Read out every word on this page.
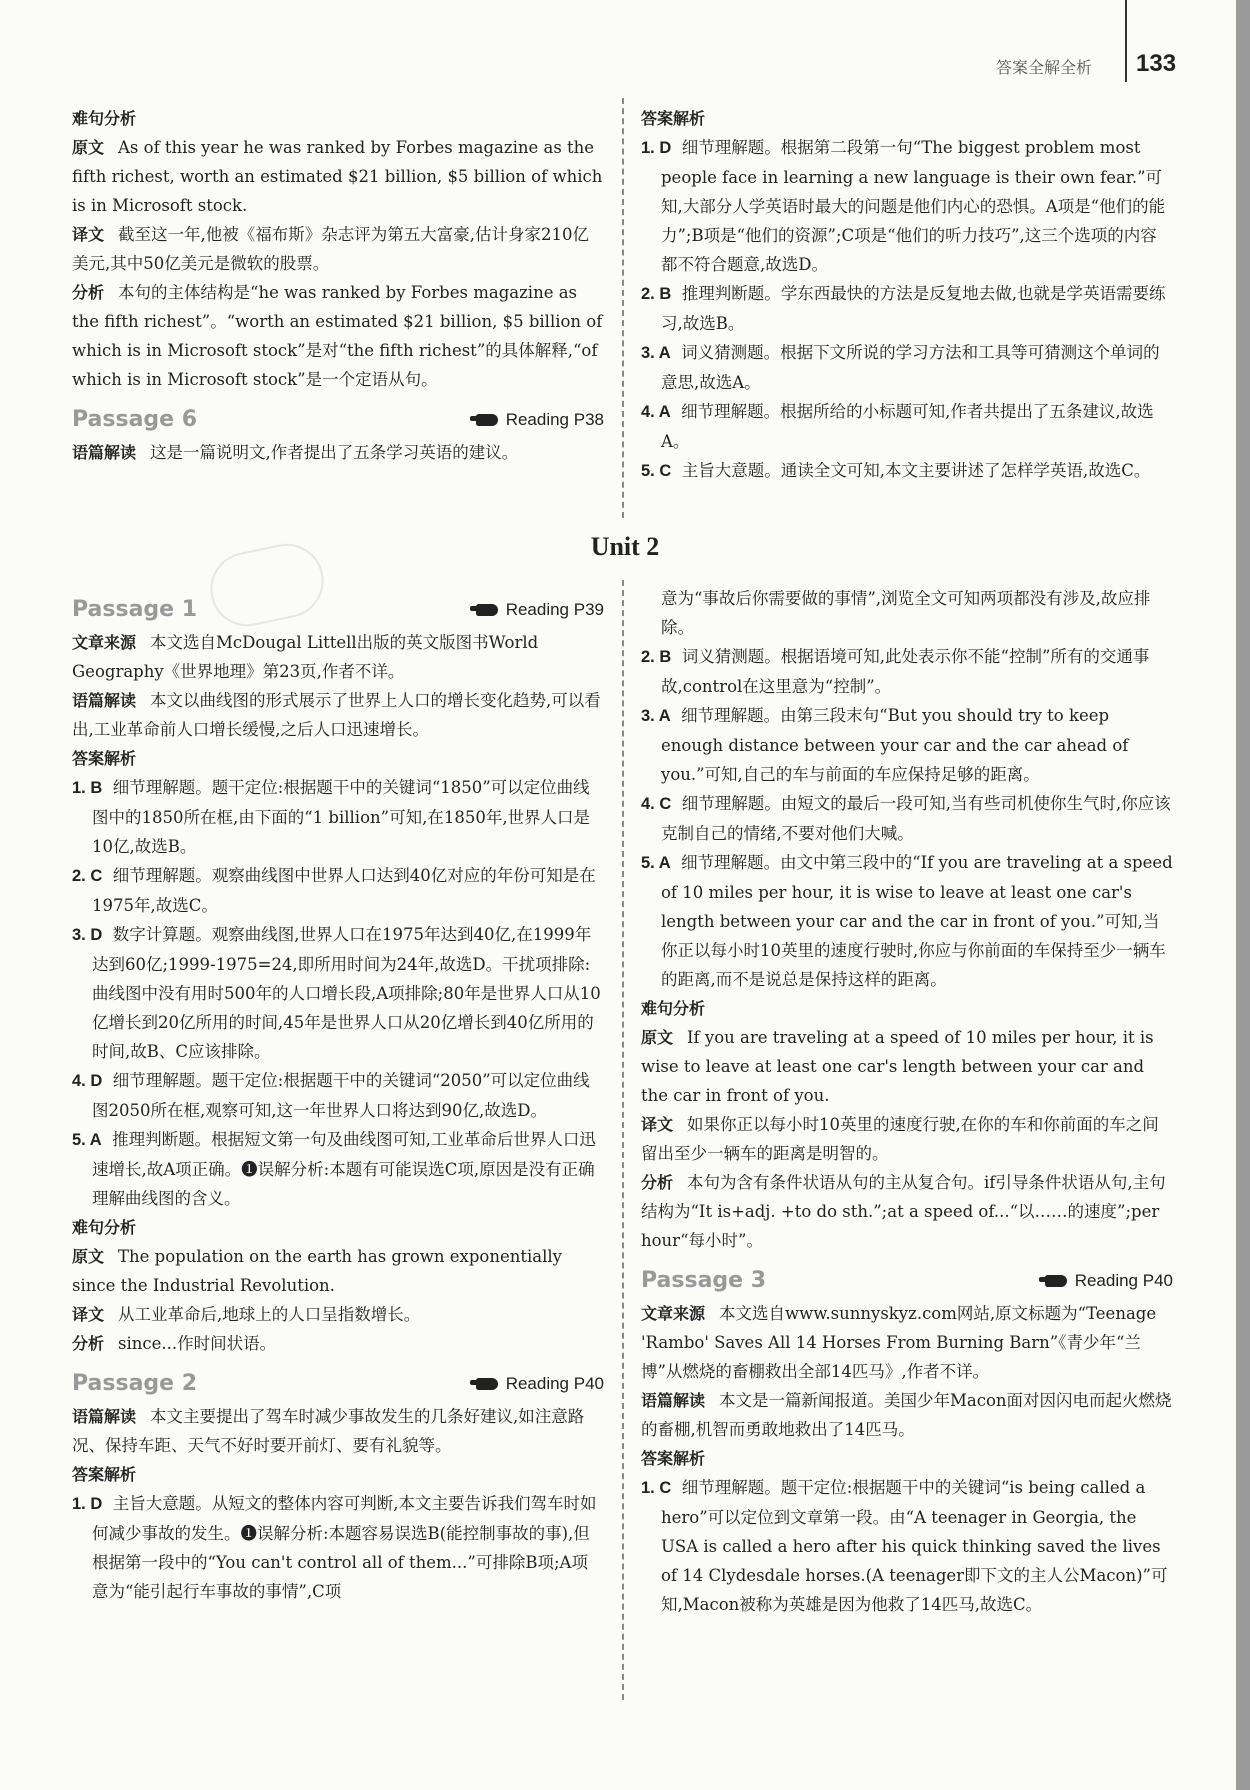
答案全解全析 133

难句分析

原文 As of this year he was ranked by Forbes magazine as the fifth richest, worth an estimated $21 billion, $5 billion of which is in Microsoft stock.

译文 截至这一年,他被《福布斯》杂志评为第五大富豪,估计身家210亿美元,其中50亿美元是微软的股票。

分析 本句的主体结构是“he was ranked by Forbes magazine as the fifth richest”。“worth an estimated $21 billion, $5 billion of which is in Microsoft stock”是对“the fifth richest”的具体解释,“of which is in Microsoft stock”是一个定语从句。

Passage 6	Reading P38

语篇解读 这是一篇说明文,作者提出了五条学习英语的建议。

答案解析

1. D 细节理解题。根据第二段第一句“The biggest problem most people face in learning a new language is their own fear.”可知,大部分人学英语时最大的问题是他们内心的恐惧。A项是“他们的能力”;B项是“他们的资源”;C项是“他们的听力技巧”,这三个选项的内容都不符合题意,故选D。

2. B 推理判断题。学东西最快的方法是反复地去做,也就是学英语需要练习,故选B。

3. A 词义猜测题。根据下文所说的学习方法和工具等可猜测这个单词的意思,故选A。

4. A 细节理解题。根据所给的小标题可知,作者共提出了五条建议,故选A。

5. C 主旨大意题。通读全文可知,本文主要讲述了怎样学英语,故选C。

Unit 2
Passage 1	Reading P39

文章来源 本文选自McDougal Littell出版的英文版图书World Geography《世界地理》第23页,作者不详。

语篇解读 本文以曲线图的形式展示了世界上人口的增长变化趋势,可以看出,工业革命前人口增长缓慢,之后人口迅速增长。

答案解析

1. B 细节理解题。题干定位:根据题干中的关键词“1850”可以定位曲线图中的1850所在框,由下面的“1 billion”可知,在1850年,世界人口是10亿,故选B。

2. C 细节理解题。观察曲线图中世界人口达到40亿对应的年份可知是在1975年,故选C。

3. D 数字计算题。观察曲线图,世界人口在1975年达到40亿,在1999年达到60亿;1999-1975=24,即所用时间为24年,故选D。干扰项排除:曲线图中没有用时500年的人口增长段,A项排除;80年是世界人口从10亿增长到20亿所用的时间,45年是世界人口从20亿增长到40亿所用的时间,故B、C应该排除。

4. D 细节理解题。题干定位:根据题干中的关键词“2050”可以定位曲线图2050所在框,观察可知,这一年世界人口将达到90亿,故选D。

5. A 推理判断题。根据短文第一句及曲线图可知,工业革命后世界人口迅速增长,故A项正确。❶误解分析:本题有可能误选C项,原因是没有正确理解曲线图的含义。

难句分析

原文 The population on the earth has grown exponentially since the Industrial Revolution.

译文 从工业革命后,地球上的人口呈指数增长。

分析 since...作时间状语。

Passage 2	Reading P40

语篇解读 本文主要提出了驾车时减少事故发生的几条好建议,如注意路况、保持车距、天气不好时要开前灯、要有礼貌等。

答案解析

1. D 主旨大意题。从短文的整体内容可判断,本文主要告诉我们驾车时如何减少事故的发生。❶误解分析:本题容易误选B(能控制事故的事),但根据第一段中的“You can't control all of them...”可排除B项;A项意为“能引起行车事故的事情”,C项

意为“事故后你需要做的事情”,浏览全文可知两项都没有涉及,故应排除。

2. B 词义猜测题。根据语境可知,此处表示你不能“控制”所有的交通事故,control在这里意为“控制”。

3. A 细节理解题。由第三段末句“But you should try to keep enough distance between your car and the car ahead of you.”可知,自己的车与前面的车应保持足够的距离。

4. C 细节理解题。由短文的最后一段可知,当有些司机使你生气时,你应该克制自己的情绪,不要对他们大喊。

5. A 细节理解题。由文中第三段中的“If you are traveling at a speed of 10 miles per hour, it is wise to leave at least one car's length between your car and the car in front of you.”可知,当你正以每小时10英里的速度行驶时,你应与你前面的车保持至少一辆车的距离,而不是说总是保持这样的距离。

难句分析

原文 If you are traveling at a speed of 10 miles per hour, it is wise to leave at least one car's length between your car and the car in front of you.

译文 如果你正以每小时10英里的速度行驶,在你的车和你前面的车之间留出至少一辆车的距离是明智的。

分析 本句为含有条件状语从句的主从复合句。if引导条件状语从句,主句结构为“It is+adj. +to do sth.”;at a speed of...“以……的速度”;per hour“每小时”。

Passage 3	Reading P40

文章来源 本文选自www.sunnyskyz.com网站,原文标题为“Teenage 'Rambo' Saves All 14 Horses From Burning Barn”《青少年“兰博”从燃烧的畜棚救出全部14匹马》,作者不详。

语篇解读 本文是一篇新闻报道。美国少年Macon面对因闪电而起火燃烧的畜棚,机智而勇敢地救出了14匹马。

答案解析

1. C 细节理解题。题干定位:根据题干中的关键词“is being called a hero”可以定位到文章第一段。由“A teenager in Georgia, the USA is called a hero after his quick thinking saved the lives of 14 Clydesdale horses.(A teenager即下文的主人公Macon)”可知,Macon被称为英雄是因为他救了14匹马,故选C。
